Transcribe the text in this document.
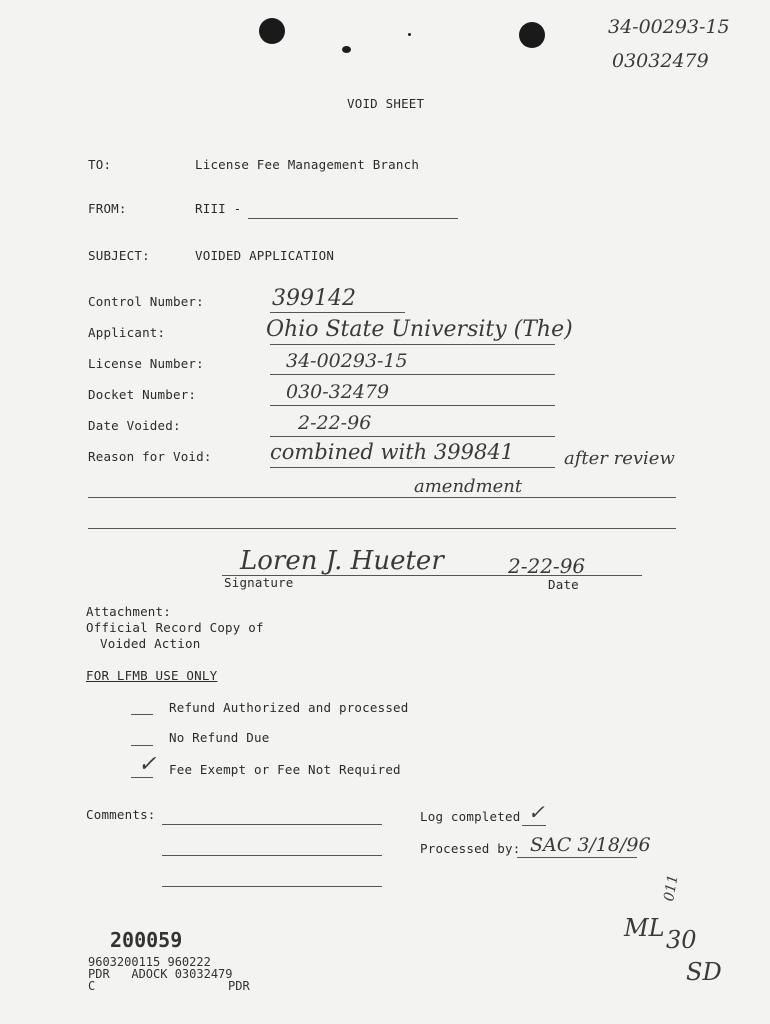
34-00293-15
03032479
VOID SHEET
TO:	License Fee Management Branch
FROM:	RIII -
SUBJECT:	VOIDED APPLICATION
Control Number:	399142
Applicant:	Ohio State University (The)
License Number:	34-00293-15
Docket Number:	030-32479
Date Voided:	2-22-96
Reason for Void:	combined with 399841	after review
amendment
Loren J. Hueter	2-22-96
Signature	Date
Attachment:
Official Record Copy of
Voided Action
FOR LFMB USE ONLY
Refund Authorized and processed
No Refund Due
✓ Fee Exempt or Fee Not Required
Comments:	Log completed ✓
Processed by: SAC 3/18/96
200059
9603200115 960222
PDR   ADOCK 03032479
C	PDR
011
ML 30
SD
